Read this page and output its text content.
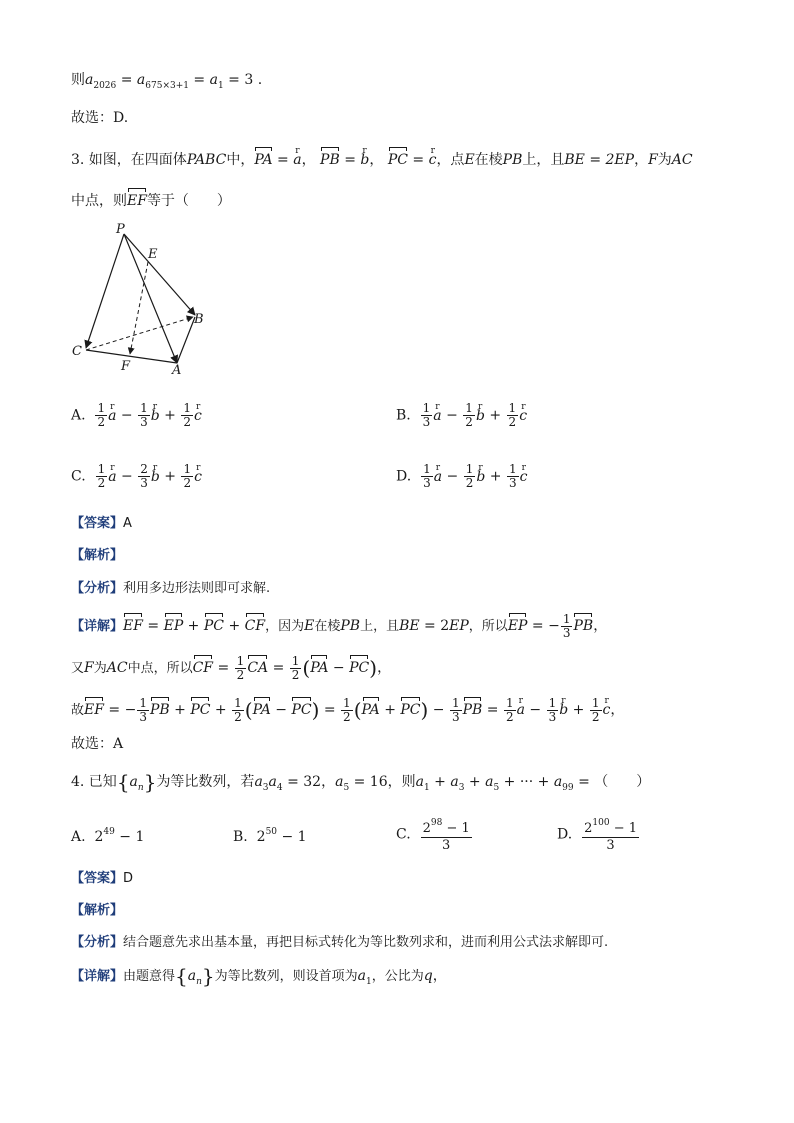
则$a_{2026} = a_{675\times 3+1} = a_1 = 3$ .
故选：D.
3. 如图，在四面体PABC中，PA = a r， PB = b r， PC = c r，点E在棱PB上，且BE = 2EP，F为AC
中点，则EF等于（　　）
P
E
B
C
F	A
A. $\frac{1}{2}$ a $r - \frac{1}{3}$ b $r + \frac{1}{2}$ c r	B. $\frac{1}{3}$ a $r - \frac{1}{2}$ b $r + \frac{1}{2}$ c r
C. $\frac{1}{2}$ a $r - \frac{2}{3}$ b $r + \frac{1}{2}$ c r	D. $\frac{1}{3}$ a $r - \frac{1}{2}$ b $r + \frac{1}{3}$ c r
【答案】A
【解析】
【分析】利用多边形法则即可求解.
【详解】EF = EP + PC + CF，因为E在棱PB上，且BE = 2EP，所以EP = − $\frac{1}{3}$ PB，
又F为AC中点，所以CF = $\frac{1}{2}$ CA = $\frac{1}{2} (PA - PC)$，
故EF = − $\frac{1}{3}$ PB + PC + $\frac{1}{2} (PA - PC) = \frac{1}{2} (PA + PC) - \frac{1}{3}$ PB = $\frac{1}{2}$ a $r - \frac{1}{3}$ b $r + \frac{1}{2}$ c r，
故选：A
4. 已知$\{a_n\}$为等比数列，若$a_3a_4 = 32$，$a_5 = 16$，则$a_1 + a_3 + a_5$ + ··· + $a_{99}$ = （　　）
A.  $2^{49} - 1$	B.  $2^{50} - 1$	C. $\frac{2^{98} - 1}{3}$	D. $\frac{2^{100} - 1}{3}$
【答案】D
【解析】
【分析】结合题意先求出基本量，再把目标式转化为等比数列求和，进而利用公式法求解即可.
【详解】由题意得$\{a_n\}$为等比数列，则设首项为$a_1$，公比为q，
